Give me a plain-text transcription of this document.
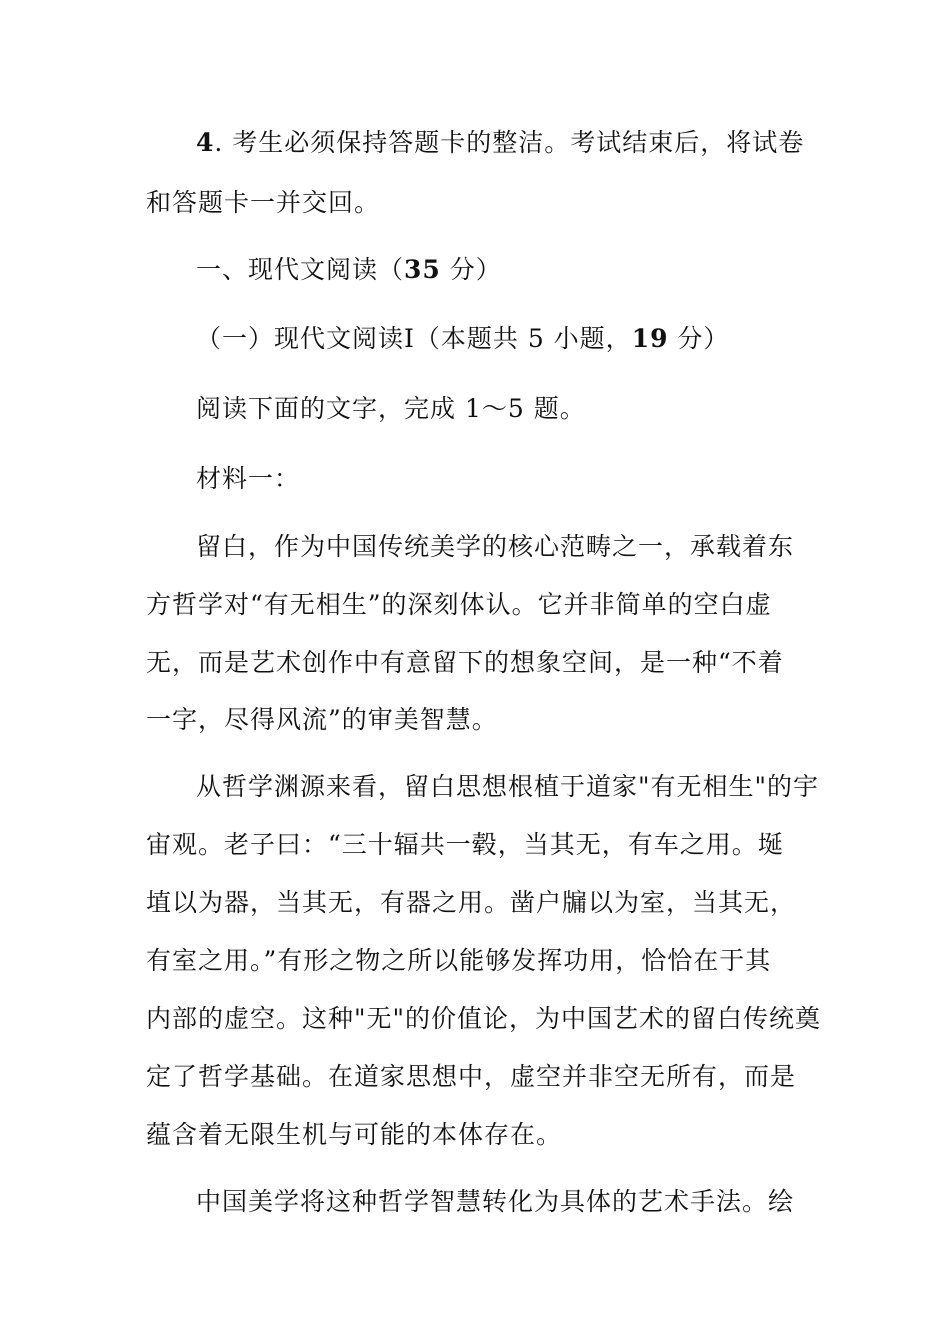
4. 考生必须保持答题卡的整洁。考试结束后，将试卷
和答题卡一并交回。
一、现代文阅读（35 分）
（一）现代文阅读Ⅰ（本题共 5 小题，19 分）
阅读下面的文字，完成 1～5 题。
材料一：
留白，作为中国传统美学的核心范畴之一，承载着东
方哲学对“有无相生”的深刻体认。它并非简单的空白虚
无，而是艺术创作中有意留下的想象空间，是一种“不着
一字，尽得风流”的审美智慧。
从哲学渊源来看，留白思想根植于道家"有无相生"的宇
宙观。老子曰：“三十辐共一毂，当其无，有车之用。埏
埴以为器，当其无，有器之用。凿户牖以为室，当其无，
有室之用。”有形之物之所以能够发挥功用，恰恰在于其
内部的虚空。这种"无"的价值论，为中国艺术的留白传统奠
定了哲学基础。在道家思想中，虚空并非空无所有，而是
蕴含着无限生机与可能的本体存在。
中国美学将这种哲学智慧转化为具体的艺术手法。绘
